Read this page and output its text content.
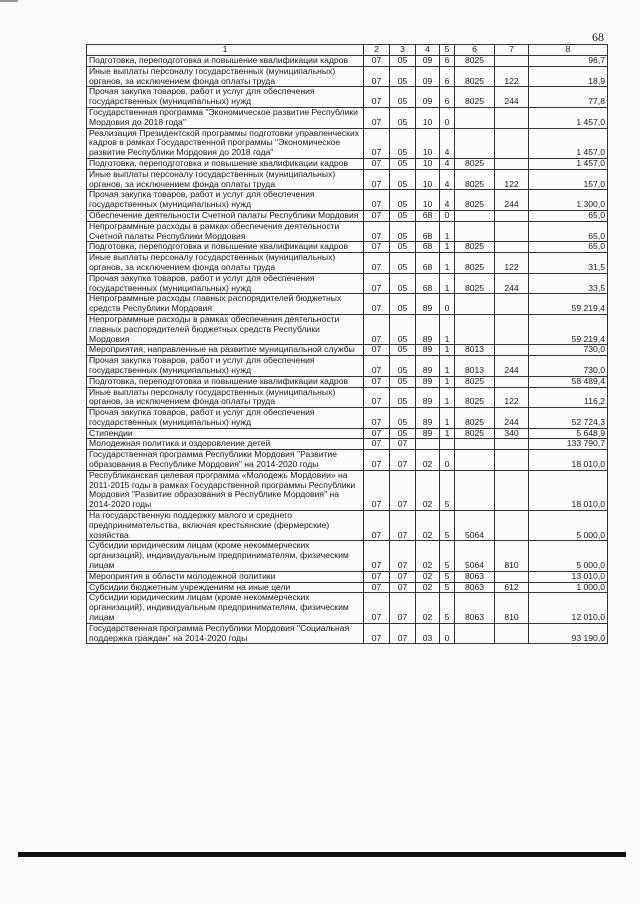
68
1	2	3	4	5	6	7	8
Подготовка, переподготовка и повышение квалификации кадров	07	05	09	6	8025		96,7
Иные выплаты персоналу государственных (муниципальных) органов, за исключением фонда оплаты труда	07	05	09	6	8025	122	18,9
Прочая закупка товаров, работ и услуг для обеспечения государственных (муниципальных) нужд	07	05	09	6	8025	244	77,8
Государственная программа "Экономическое развитие Республики Мордовия до 2018 года"	07	05	10	0			1 457,0
Реализация Президентской программы подготовки управленческих кадров в рамках Государственной программы "Экономическое развитие Республики Мордовия до 2018 года"	07	05	10	4			1 457,0
Подготовка, переподготовка и повышение квалификации кадров	07	05	10	4	8025		1 457,0
Иные выплаты персоналу государственных (муниципальных) органов, за исключением фонда оплаты труда	07	05	10	4	8025	122	157,0
Прочая закупка товаров, работ и услуг для обеспечения государственных (муниципальных) нужд	07	05	10	4	8025	244	1 300,0
Обеспечение деятельности Счетной палаты Республики Мордовия	07	05	68	0			65,0
Непрограммные расходы в рамках обеспечения деятельности Счетной палаты Республики Мордовия	07	05	68	1			65,0
Подготовка, переподготовка и повышение квалификации кадров	07	05	68	1	8025		65,0
Иные выплаты персоналу государственных (муниципальных) органов, за исключением фонда оплаты труда	07	05	68	1	8025	122	31,5
Прочая закупка товаров, работ и услуг для обеспечения государственных (муниципальных) нужд	07	05	68	1	8025	244	33,5
Непрограммные расходы главных распорядителей бюджетных средств Республики Мордовия	07	05	89	0			59 219,4
Непрограммные расходы в рамках обеспечения деятельности главных распорядителей бюджетных средств Республики Мордовия	07	05	89	1			59 219,4
Мероприятия, направленные на развитие муниципальной службы	07	05	89	1	8013		730,0
Прочая закупка товаров, работ и услуг для обеспечения государственных (муниципальных) нужд	07	05	89	1	8013	244	730,0
Подготовка, переподготовка и повышение квалификации кадров	07	05	89	1	8025		58 489,4
Иные выплаты персоналу государственных (муниципальных) органов, за исключением фонда оплаты труда	07	05	89	1	8025	122	116,2
Прочая закупка товаров, работ и услуг для обеспечения государственных (муниципальных) нужд	07	05	89	1	8025	244	52 724,3
Стипендии	07	05	89	1	8025	340	5 648,9
Молодежная политика и оздоровление детей	07	07					133 790,7
Государственная программа Республики Мордовия "Развитие образования в Республике Мордовия" на 2014-2020 годы	07	07	02	0			18 010,0
Республиканская целевая программа «Молодежь Мордовии» на 2011-2015 годы в рамках Государственной программы Республики Мордовия "Развитие образования в Республике Мордовия" на 2014-2020 годы	07	07	02	5			18 010,0
На государственную поддержку малого и среднего предпринимательства, включая крестьянские (фермерские) хозяйства	07	07	02	5	5064		5 000,0
Субсидии юридическим лицам (кроме некоммерческих организаций), индивидуальным предпринимателям, физическим лицам	07	07	02	5	5064	810	5 000,0
Мероприятия в области молодежной политики	07	07	02	5	8063		13 010,0
Субсидии бюджетным учреждениям на иные цели	07	07	02	5	8063	612	1 000,0
Субсидии юридическим лицам (кроме некоммерческих организаций), индивидуальным предпринимателям, физическим лицам	07	07	02	5	8063	810	12 010,0
Государственная программа Республики Мордовия "Социальная поддержка граждан" на 2014-2020 годы	07	07	03	0			93 190,0
